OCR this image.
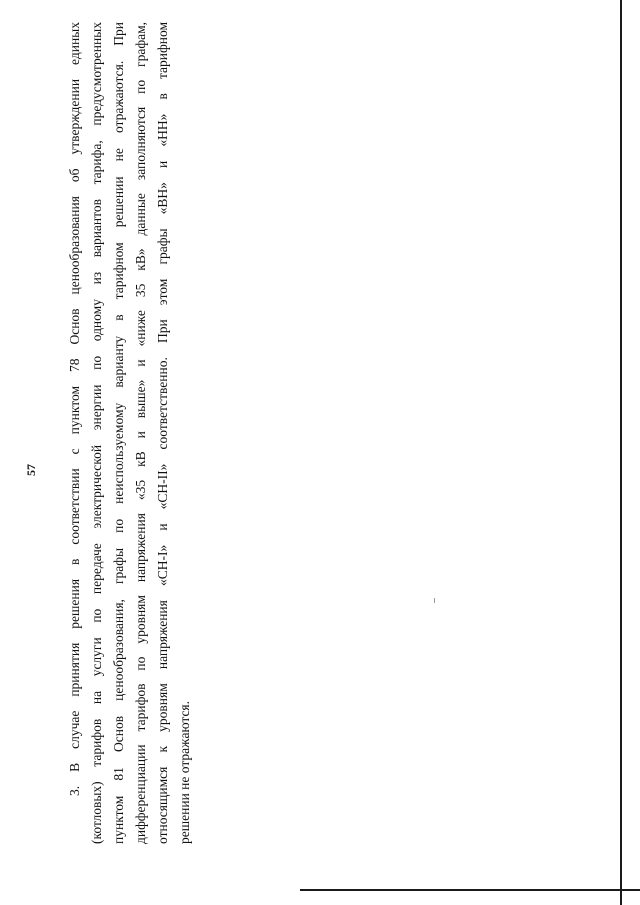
57 3. В случае принятия решения в соответствии с пунктом 78 Основ ценообразования об утверждении единых (котловых) тарифов на услуги по передаче электрической энергии по одному из вариантов тарифа, предусмотренных пунктом 81 Основ ценообразования, графы по неиспользуемому варианту в тарифном решении не отражаются. При дифференциации тарифов по уровням напряжения «35 кВ и выше» и «ниже 35 кВ» данные заполняются по графам, относящимся к уровням напряжения «СН-I» и «СН-II» соответственно. При этом графы «ВН» и «НН» в тарифном решении не отражаются.
